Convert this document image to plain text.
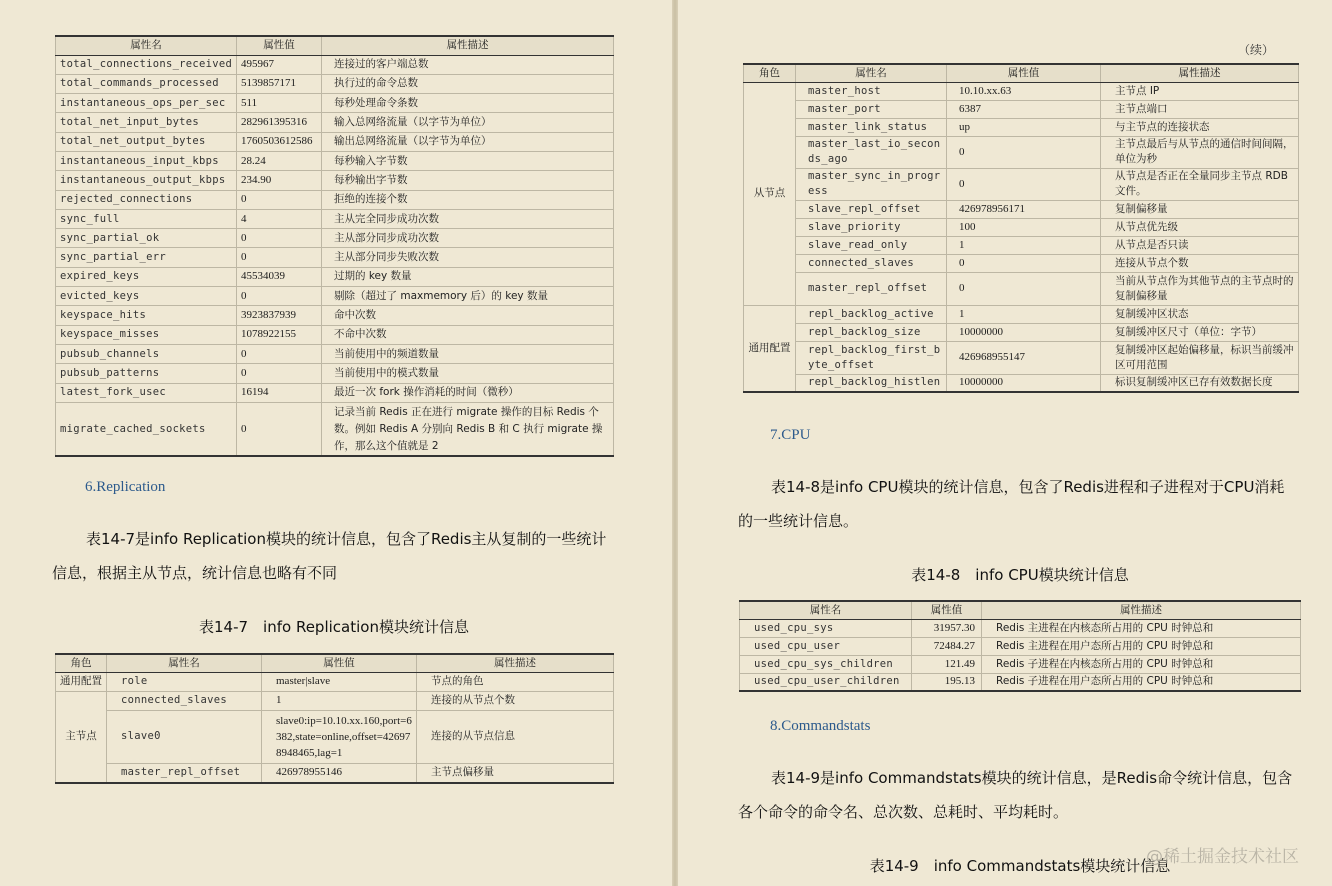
属性名	属性值	属性描述
total_connections_received	495967	连接过的客户端总数
total_commands_processed	5139857171	执行过的命令总数
instantaneous_ops_per_sec	511	每秒处理命令条数
total_net_input_bytes	282961395316	输入总网络流量（以字节为单位）
total_net_output_bytes	1760503612586	输出总网络流量（以字节为单位）
instantaneous_input_kbps	28.24	每秒输入字节数
instantaneous_output_kbps	234.90	每秒输出字节数
rejected_connections	0	拒绝的连接个数
sync_full	4	主从完全同步成功次数
sync_partial_ok	0	主从部分同步成功次数
sync_partial_err	0	主从部分同步失败次数
expired_keys	45534039	过期的 key 数量
evicted_keys	0	剔除（超过了 maxmemory 后）的 key 数量
keyspace_hits	3923837939	命中次数
keyspace_misses	1078922155	不命中次数
pubsub_channels	0	当前使用中的频道数量
pubsub_patterns	0	当前使用中的模式数量
latest_fork_usec	16194	最近一次 fork 操作消耗的时间（微秒）
migrate_cached_sockets	0	记录当前 Redis 正在进行 migrate 操作的目标 Redis 个数。例如 Redis A 分别向 Redis B 和 C 执行 migrate 操作，那么这个值就是 2
6.Replication
表14-7是info Replication模块的统计信息，包含了Redis主从复制的一些统计信息，根据主从节点，统计信息也略有不同
表14-7　info Replication模块统计信息
角色	属性名	属性值	属性描述
通用配置	role	master|slave	节点的角色
主节点	connected_slaves	1	连接的从节点个数
	slave0	slave0:ip=10.10.xx.160,port=6382,state=online,offset=426978948465,lag=1	连接的从节点信息
	master_repl_offset	426978955146	主节点偏移量
（续）
角色	属性名	属性值	属性描述
从节点	master_host	10.10.xx.63	主节点 IP
	master_port	6387	主节点端口
	master_link_status	up	与主节点的连接状态
	master_last_io_seconds_ago	0	主节点最后与从节点的通信时间间隔，单位为秒
	master_sync_in_progress	0	从节点是否正在全量同步主节点 RDB 文件。
	slave_repl_offset	426978956171	复制偏移量
	slave_priority	100	从节点优先级
	slave_read_only	1	从节点是否只读
	connected_slaves	0	连接从节点个数
	master_repl_offset	0	当前从节点作为其他节点的主节点时的复制偏移量
通用配置	repl_backlog_active	1	复制缓冲区状态
	repl_backlog_size	10000000	复制缓冲区尺寸（单位：字节）
	repl_backlog_first_byte_offset	426968955147	复制缓冲区起始偏移量，标识当前缓冲区可用范围
	repl_backlog_histlen	10000000	标识复制缓冲区已存有效数据长度
7.CPU
表14-8是info CPU模块的统计信息，包含了Redis进程和子进程对于CPU消耗的一些统计信息。
表14-8　info CPU模块统计信息
属性名	属性值	属性描述
used_cpu_sys	31957.30	Redis 主进程在内核态所占用的 CPU 时钟总和
used_cpu_user	72484.27	Redis 主进程在用户态所占用的 CPU 时钟总和
used_cpu_sys_children	121.49	Redis 子进程在内核态所占用的 CPU 时钟总和
used_cpu_user_children	195.13	Redis 子进程在用户态所占用的 CPU 时钟总和
8.Commandstats
表14-9是info Commandstats模块的统计信息，是Redis命令统计信息，包含各个命令的命令名、总次数、总耗时、平均耗时。
表14-9　info Commandstats模块统计信息
@稀土掘金技术社区
